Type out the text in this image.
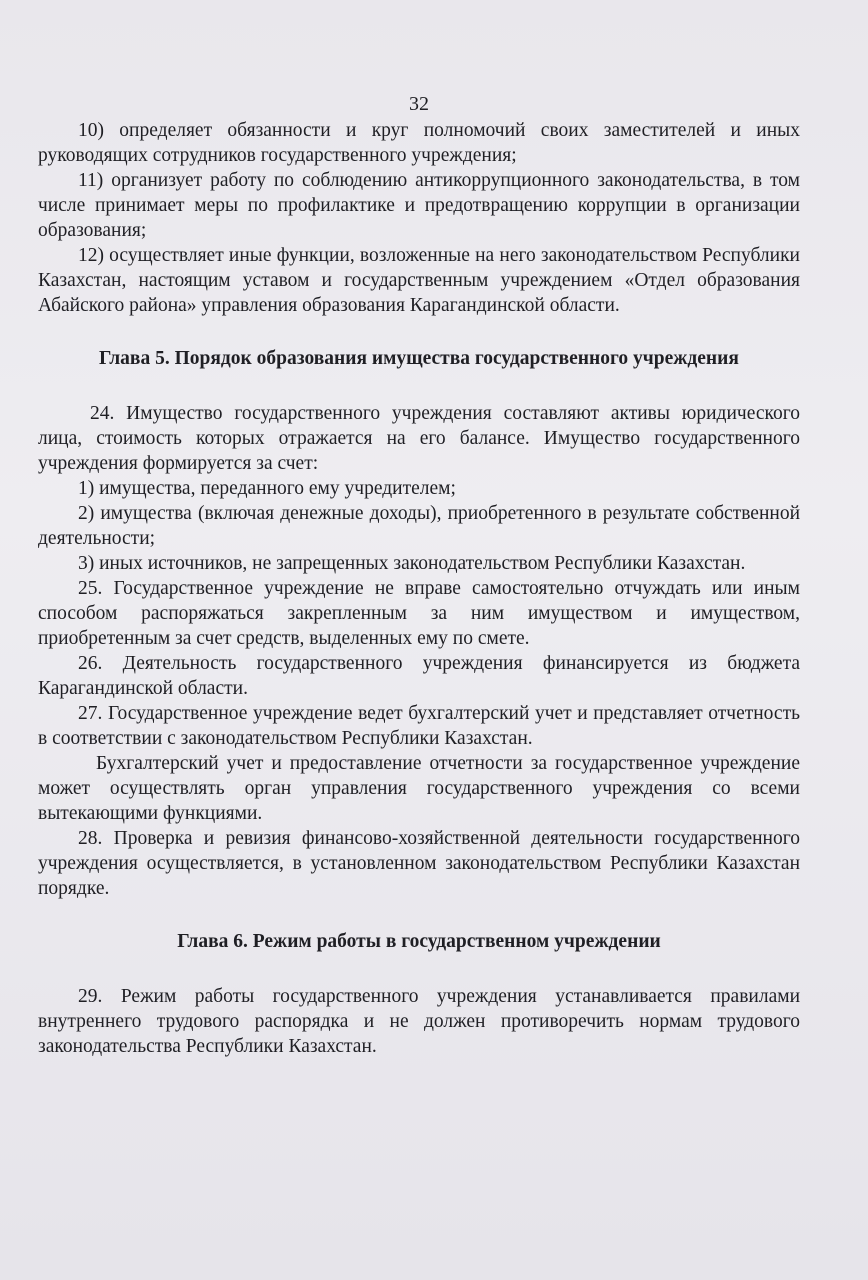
32

10) определяет обязанности и круг полномочий своих заместителей и иных руководящих сотрудников государственного учреждения;

11) организует работу по соблюдению антикоррупционного законодательства, в том числе принимает меры по профилактике и предотвращению коррупции в организации образования;

12) осуществляет иные функции, возложенные на него законодательством Республики Казахстан, настоящим уставом и государственным учреждением «Отдел образования Абайского района» управления образования Карагандинской области.

Глава 5. Порядок образования имущества государственного учреждения

24. Имущество государственного учреждения составляют активы юридического лица, стоимость которых отражается на его балансе. Имущество государственного учреждения формируется за счет:

1) имущества, переданного ему учредителем;

2) имущества (включая денежные доходы), приобретенного в результате собственной деятельности;

3) иных источников, не запрещенных законодательством Республики Казахстан.

25. Государственное учреждение не вправе самостоятельно отчуждать или иным способом распоряжаться закрепленным за ним имуществом и имуществом, приобретенным за счет средств, выделенных ему по смете.

26. Деятельность государственного учреждения финансируется из бюджета Карагандинской области.

27. Государственное учреждение ведет бухгалтерский учет и представляет отчетность в соответствии с законодательством Республики Казахстан.

Бухгалтерский учет и предоставление отчетности за государственное учреждение может осуществлять орган управления государственного учреждения со всеми вытекающими функциями.

28. Проверка и ревизия финансово-хозяйственной деятельности государственного учреждения осуществляется, в установленном законодательством Республики Казахстан порядке.

Глава 6. Режим работы в государственном учреждении

29. Режим работы государственного учреждения устанавливается правилами внутреннего трудового распорядка и не должен противоречить нормам трудового законодательства Республики Казахстан.
